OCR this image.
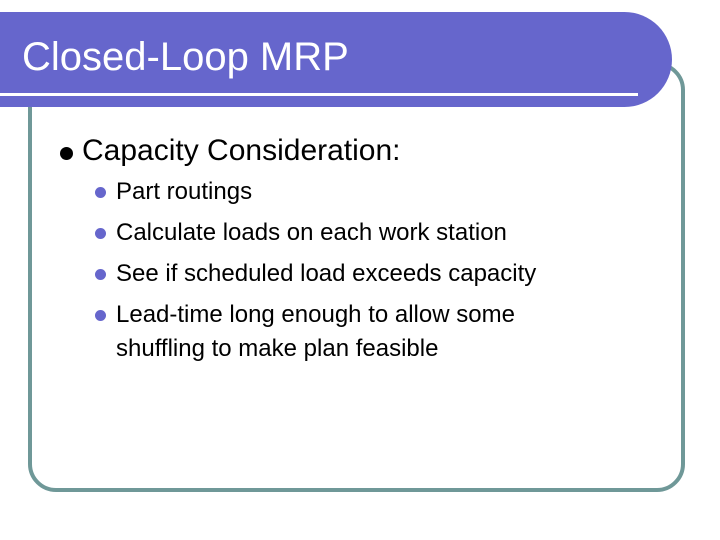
Closed-Loop MRP
Capacity Consideration:
Part routings
Calculate loads on each work station
See if scheduled load exceeds capacity
Lead-time long enough to allow some
shuffling to make plan feasible
